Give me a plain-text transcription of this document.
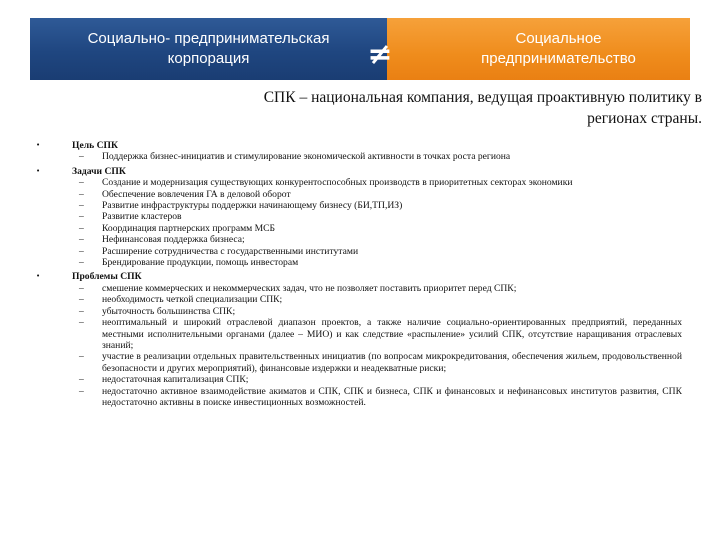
Социально- предпринимательская
корпорация
Социальное
предпринимательство
≠
СПК – национальная компания, ведущая проактивную политику в регионах страны.
•	Цель СПК
– Поддержка бизнес-инициатив и стимулирование экономической активности в точках роста региона
•	Задачи СПК
– Создание и модернизация существующих конкурентоспособных производств в приоритетных секторах экономики
– Обеспечение вовлечения ГА в деловой оборот
– Развитие инфраструктуры поддержки начинающему бизнесу (БИ,ТП,ИЗ)
– Развитие кластеров
– Координация партнерских программ МСБ
– Нефинансовая поддержка бизнеса;
– Расширение сотрудничества с государственными институтами
– Брендирование продукции, помощь инвесторам
•	Проблемы СПК
– смешение коммерческих и некоммерческих задач, что не позволяет поставить приоритет перед СПК;
– необходимость четкой специализации СПК;
– убыточность большинства СПК;
– неоптимальный и широкий отраслевой диапазон проектов, а также наличие социально-ориентированных предприятий, переданных местными исполнительными органами (далее – МИО) и как следствие «распыление» усилий СПК, отсутствие наращивания отраслевых знаний;
– участие в реализации отдельных правительственных инициатив (по вопросам микрокредитования, обеспечения жильем, продовольственной безопасности и других мероприятий), финансовые издержки и неадекватные риски;
– недостаточная капитализация СПК;
– недостаточно активное взаимодействие акиматов и СПК, СПК и бизнеса, СПК и финансовых и нефинансовых институтов развития, СПК недостаточно активны в поиске инвестиционных возможностей.
